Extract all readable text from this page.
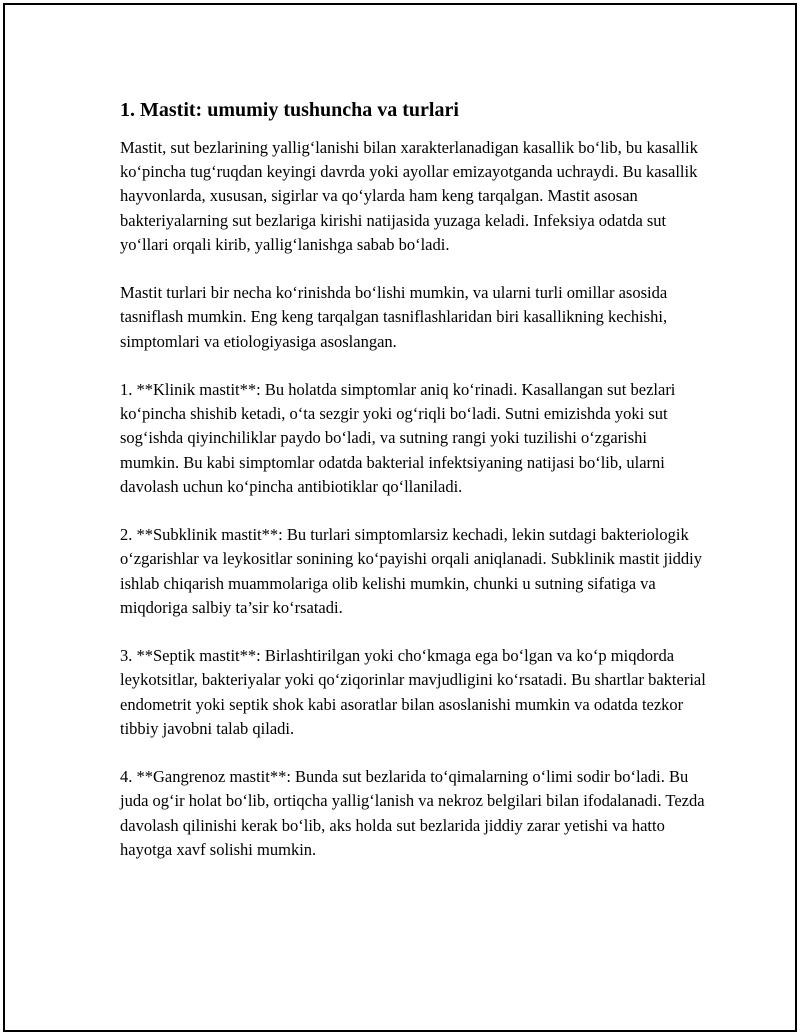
1. Mastit: umumiy tushuncha va turlari

Mastit, sut bezlarining yallig‘lanishi bilan xarakterlanadigan kasallik bo‘lib, bu kasallik ko‘pincha tug‘ruqdan keyingi davrda yoki ayollar emizayotganda uchraydi. Bu kasallik hayvonlarda, xususan, sigirlar va qo‘ylarda ham keng tarqalgan. Mastit asosan bakteriyalarning sut bezlariga kirishi natijasida yuzaga keladi. Infeksiya odatda sut yo‘llari orqali kirib, yallig‘lanishga sabab bo‘ladi.

Mastit turlari bir necha ko‘rinishda bo‘lishi mumkin, va ularni turli omillar asosida tasniflash mumkin. Eng keng tarqalgan tasniflashlaridan biri kasallikning kechishi, simptomlari va etiologiyasiga asoslangan.

1. **Klinik mastit**: Bu holatda simptomlar aniq ko‘rinadi. Kasallangan sut bezlari ko‘pincha shishib ketadi, o‘ta sezgir yoki og‘riqli bo‘ladi. Sutni emizishda yoki sut sog‘ishda qiyinchiliklar paydo bo‘ladi, va sutning rangi yoki tuzilishi o‘zgarishi mumkin. Bu kabi simptomlar odatda bakterial infektsiyaning natijasi bo‘lib, ularni davolash uchun ko‘pincha antibiotiklar qo‘llaniladi.

2. **Subklinik mastit**: Bu turlari simptomlarsiz kechadi, lekin sutdagi bakteriologik o‘zgarishlar va leykositlar sonining ko‘payishi orqali aniqlanadi. Subklinik mastit jiddiy ishlab chiqarish muammolariga olib kelishi mumkin, chunki u sutning sifatiga va miqdoriga salbiy ta’sir ko‘rsatadi.

3. **Septik mastit**: Birlashtirilgan yoki cho‘kmaga ega bo‘lgan va ko‘p miqdorda leykotsitlar, bakteriyalar yoki qo‘ziqorinlar mavjudligini ko‘rsatadi. Bu shartlar bakterial endometrit yoki septik shok kabi asoratlar bilan asoslanishi mumkin va odatda tezkor tibbiy javobni talab qiladi.

4. **Gangrenoz mastit**: Bunda sut bezlarida to‘qimalarning o‘limi sodir bo‘ladi. Bu juda og‘ir holat bo‘lib, ortiqcha yallig‘lanish va nekroz belgilari bilan ifodalanadi. Tezda davolash qilinishi kerak bo‘lib, aks holda sut bezlarida jiddiy zarar yetishi va hatto hayotga xavf solishi mumkin.
